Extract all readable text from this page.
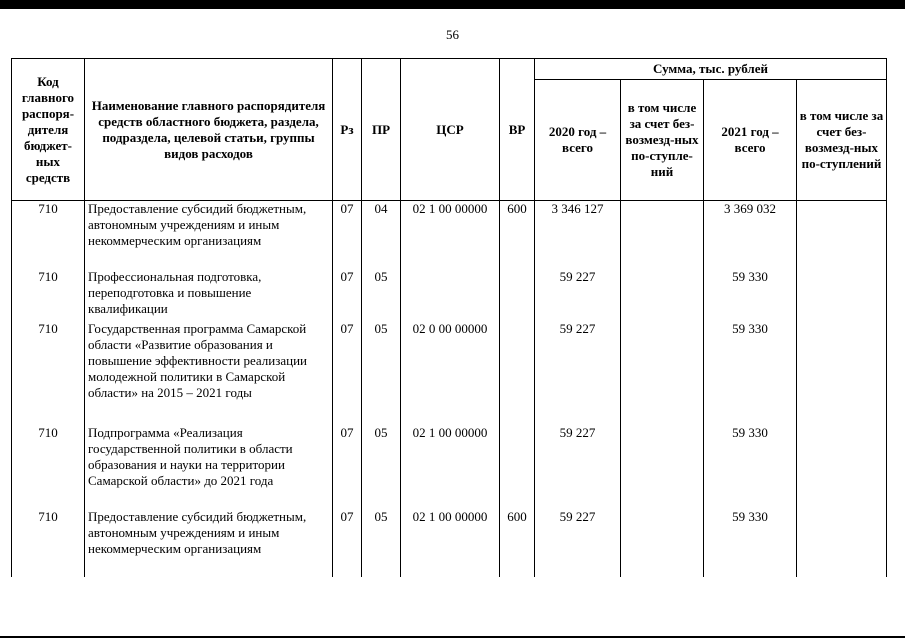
56
Код главного распоря-дителя бюджет-ных средств	Наименование главного распорядителя средств областного бюджета, раздела, подраздела, целевой статьи, группы видов расходов	Рз	ПР	ЦСР	ВР	Сумма, тыс. рублей			
						2020 год – всего	в том числе за счет без-возмезд-ных по-ступле-ний	2021 год – всего	в том числе за счет без-возмезд-ных по-ступлений
710	Предоставление субсидий бюджетным, автономным учреждениям и иным некоммерческим организациям	07	04	02 1 00 00000	600	3 346 127		3 369 032	
710	Профессиональная подготовка, переподготовка и повышение квалификации	07	05			59 227		59 330	
710	Государственная программа Самарской области «Развитие образования и повышение эффективности реализации молодежной политики в Самарской области» на 2015 – 2021 годы	07	05	02 0 00 00000		59 227		59 330	
710	Подпрограмма «Реализация государственной политики в области образования и науки на территории Самарской области» до 2021 года	07	05	02 1 00 00000		59 227		59 330	
710	Предоставление субсидий бюджетным, автономным учреждениям и иным некоммерческим организациям	07	05	02 1 00 00000	600	59 227		59 330	
